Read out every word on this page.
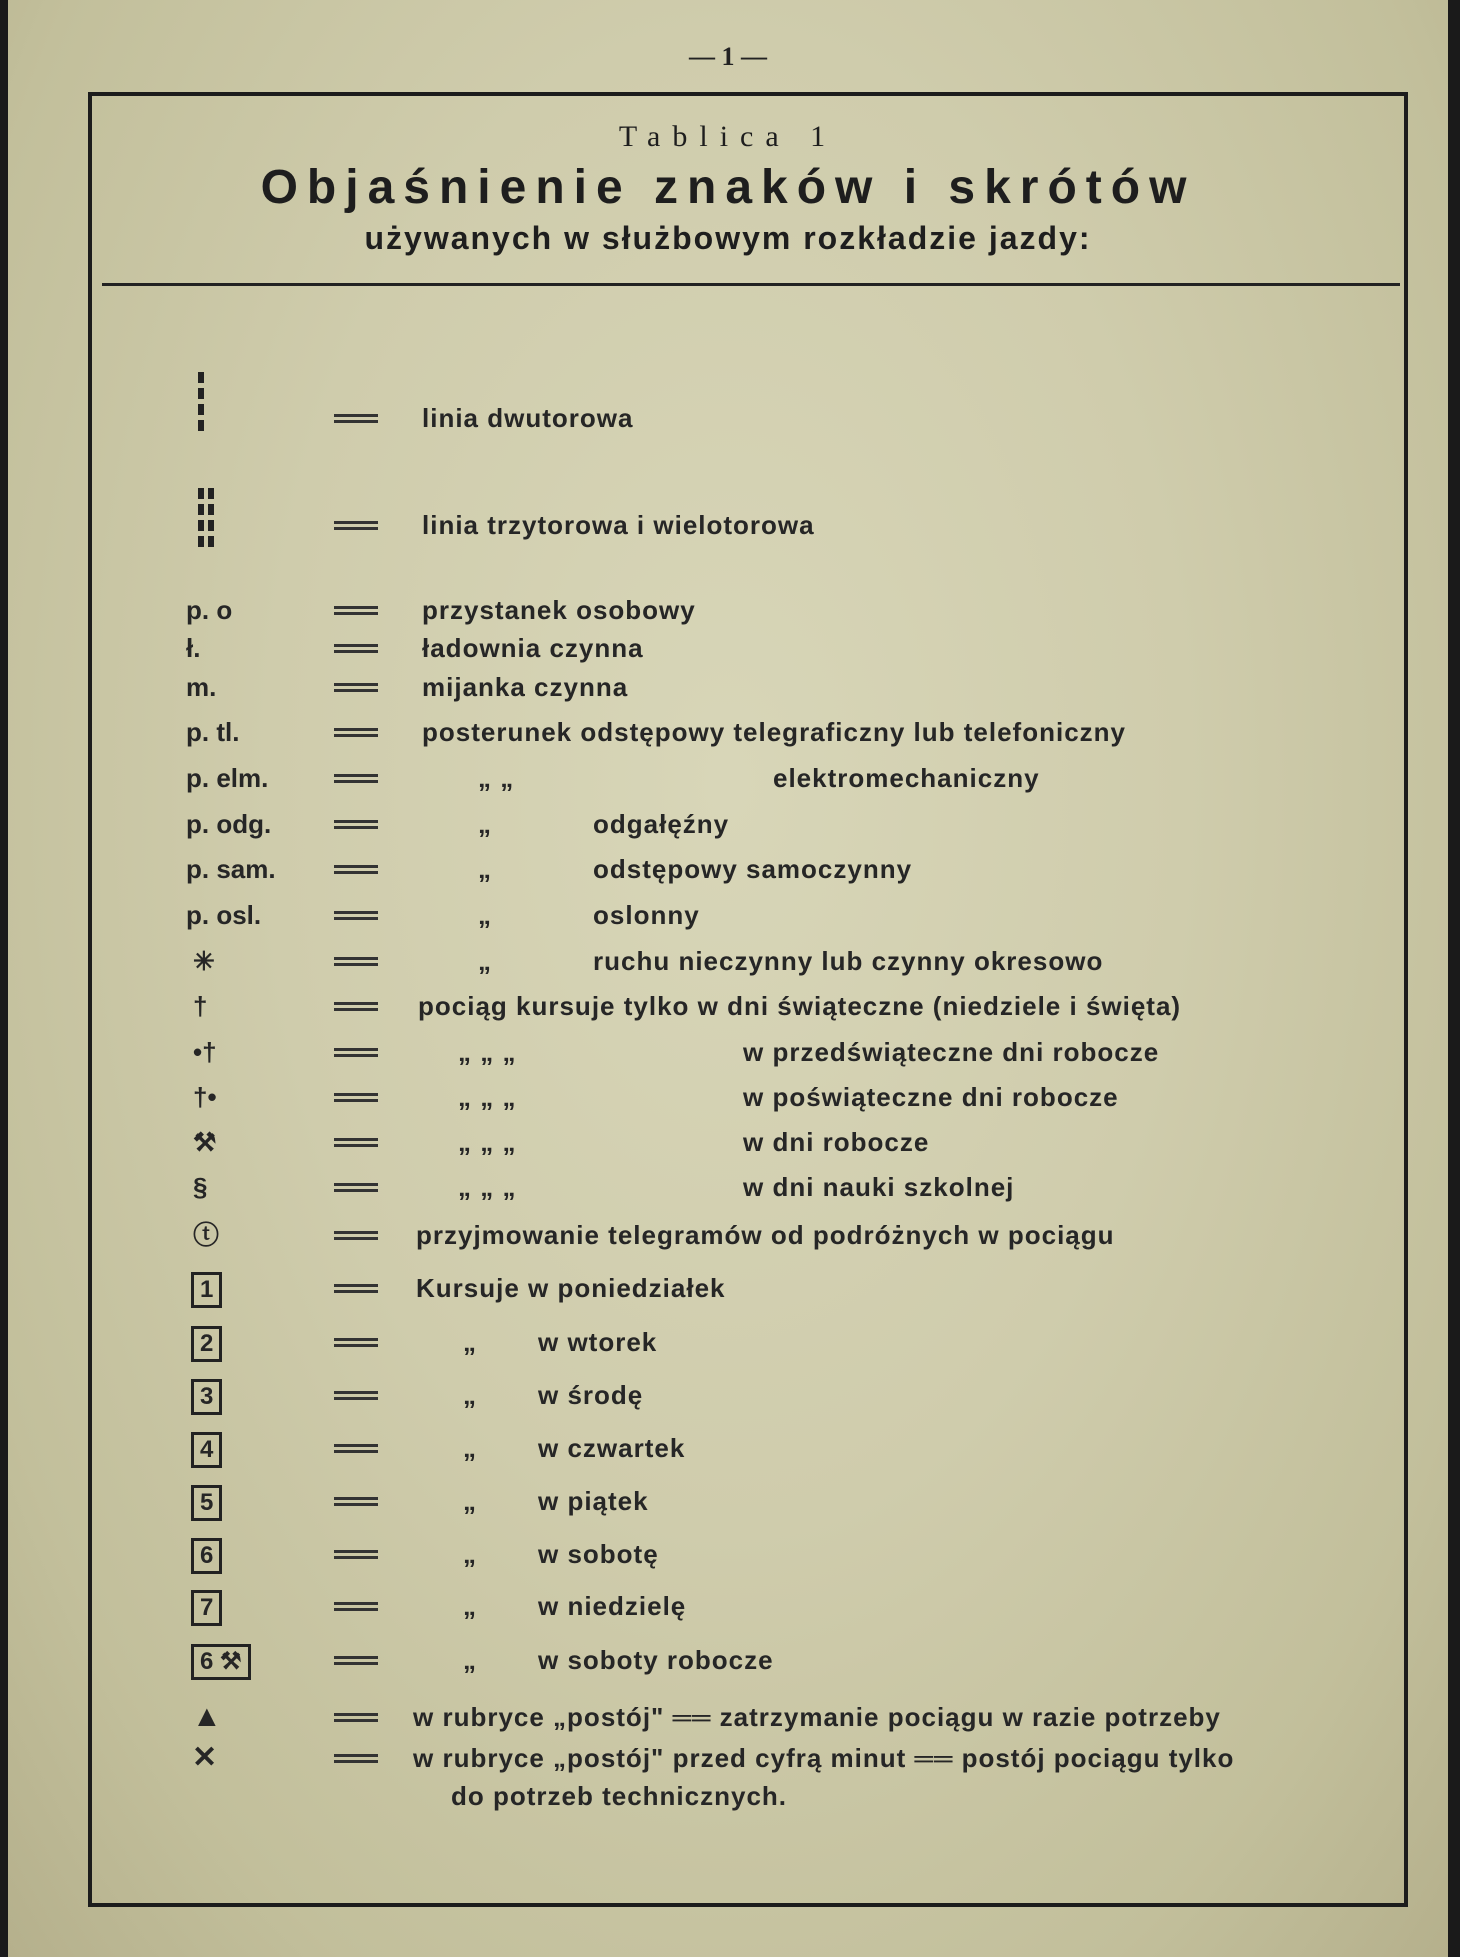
— 1 —
Tablica 1
Objaśnienie znaków i skrótów
używanych w służbowym rozkładzie jazdy:
linia dwutorowa
linia trzytorowa i wielotorowa
p. o	przystanek osobowy
ł.	ładownia czynna
m.	mijanka czynna
p. tl.	posterunek odstępowy telegraficzny lub telefoniczny
p. elm.	„ „	elektromechaniczny
p. odg.	„	odgałęźny
p. sam.	„	odstępowy samoczynny
p. osl.	„	oslonny
✳	„	ruchu nieczynny lub czynny okresowo
†	pociąg kursuje tylko w dni świąteczne (niedziele i święta)
•†	„ „ „	w przedświąteczne dni robocze
†•	„ „ „	w poświąteczne dni robocze
⚒	„ „ „	w dni robocze
§	„ „ „	w dni nauki szkolnej
ⓣ	przyjmowanie telegramów od podróżnych w pociągu
1	Kursuje w poniedziałek
2	„ w wtorek
3	„ w środę
4	„ w czwartek
5	„ w piątek
6	„ w sobotę
7	„ w niedzielę
6 ⚒	„ w soboty robocze
▲	w rubryce „postój" ══ zatrzymanie pociągu w razie potrzeby
✕	w rubryce „postój" przed cyfrą minut ══ postój pociągu tylko
do potrzeb technicznych.
